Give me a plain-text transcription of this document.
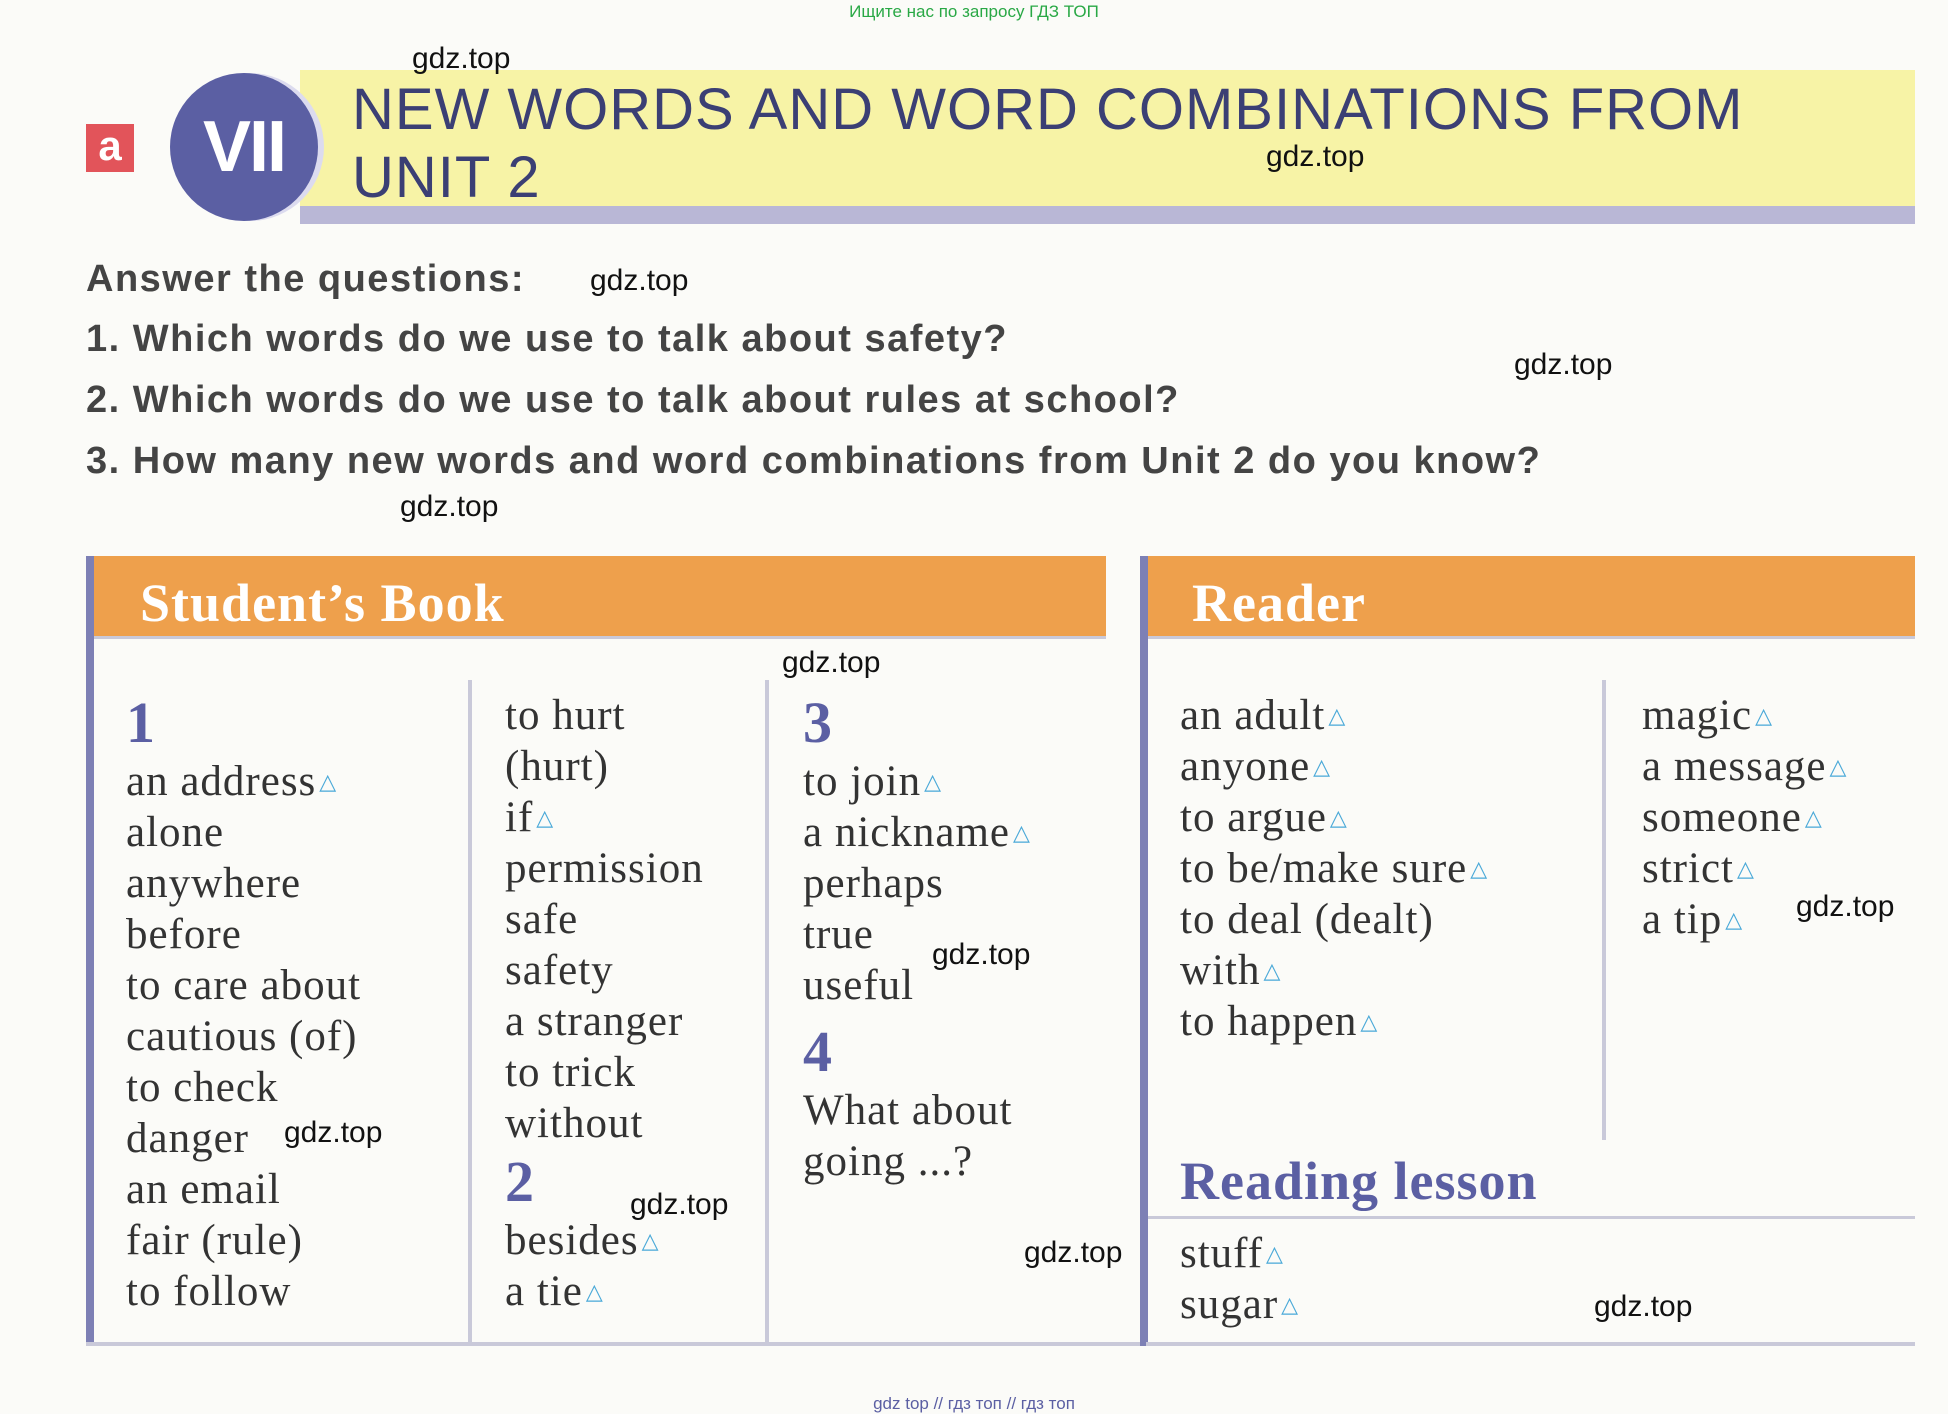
Ищите нас по запросу ГДЗ ТОП
a	VII	NEW WORDS AND WORD COMBINATIONS FROM
UNIT 2
Answer the questions:
1. Which words do we use to talk about safety?
2. Which words do we use to talk about rules at school?
3. How many new words and word combinations from Unit 2 do you know?
Student’s Book
1
an address △
alone
anywhere
before
to care about
cautious (of)
to check
danger
an email
fair (rule)
to follow
to hurt
(hurt)
if △
permission
safe
safety
a stranger
to trick
without
2
besides △
a tie △
3
to join △
a nickname △
perhaps
true
useful
4
What about
going ...?
Reader
an adult △
anyone △
to argue △
to be/make sure △
to deal (dealt)
with △
to happen △
magic △
a message △
someone △
strict △
a tip △
Reading lesson
stuff △
sugar △
gdz.top
gdz.top
gdz.top
gdz.top
gdz.top
gdz.top
gdz.top
gdz.top
gdz.top
gdz.top
gdz.top
gdz.top
gdz top // гдз топ // гдз топ
